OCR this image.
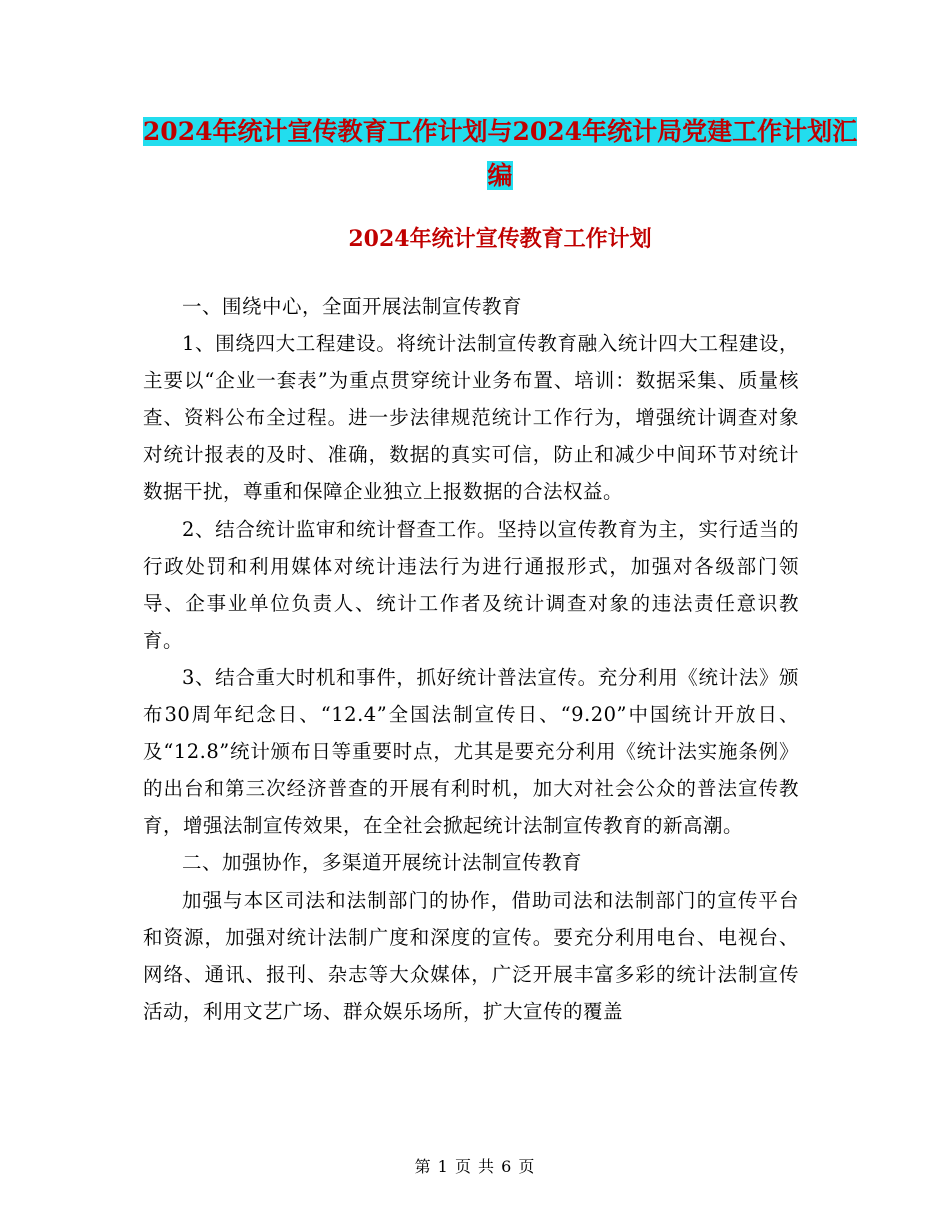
2024年统计宣传教育工作计划与2024年统计局党建工作计划汇编
2024年统计宣传教育工作计划

一、围绕中心，全面开展法制宣传教育

1、围绕四大工程建设。将统计法制宣传教育融入统计四大工程建设，主要以“企业一套表”为重点贯穿统计业务布置、培训：数据采集、质量核查、资料公布全过程。进一步法律规范统计工作行为，增强统计调查对象对统计报表的及时、准确，数据的真实可信，防止和减少中间环节对统计数据干扰，尊重和保障企业独立上报数据的合法权益。

2、结合统计监审和统计督查工作。坚持以宣传教育为主，实行适当的行政处罚和利用媒体对统计违法行为进行通报形式，加强对各级部门领导、企事业单位负责人、统计工作者及统计调查对象的违法责任意识教育。

3、结合重大时机和事件，抓好统计普法宣传。充分利用《统计法》颁布30周年纪念日、“12.4”全国法制宣传日、“9.20”中国统计开放日、及“12.8”统计颁布日等重要时点，尤其是要充分利用《统计法实施条例》的出台和第三次经济普查的开展有利时机，加大对社会公众的普法宣传教育，增强法制宣传效果，在全社会掀起统计法制宣传教育的新高潮。

二、加强协作，多渠道开展统计法制宣传教育

加强与本区司法和法制部门的协作，借助司法和法制部门的宣传平台和资源，加强对统计法制广度和深度的宣传。要充分利用电台、电视台、网络、通讯、报刊、杂志等大众媒体，广泛开展丰富多彩的统计法制宣传活动，利用文艺广场、群众娱乐场所，扩大宣传的覆盖

第 1 页 共 6 页
